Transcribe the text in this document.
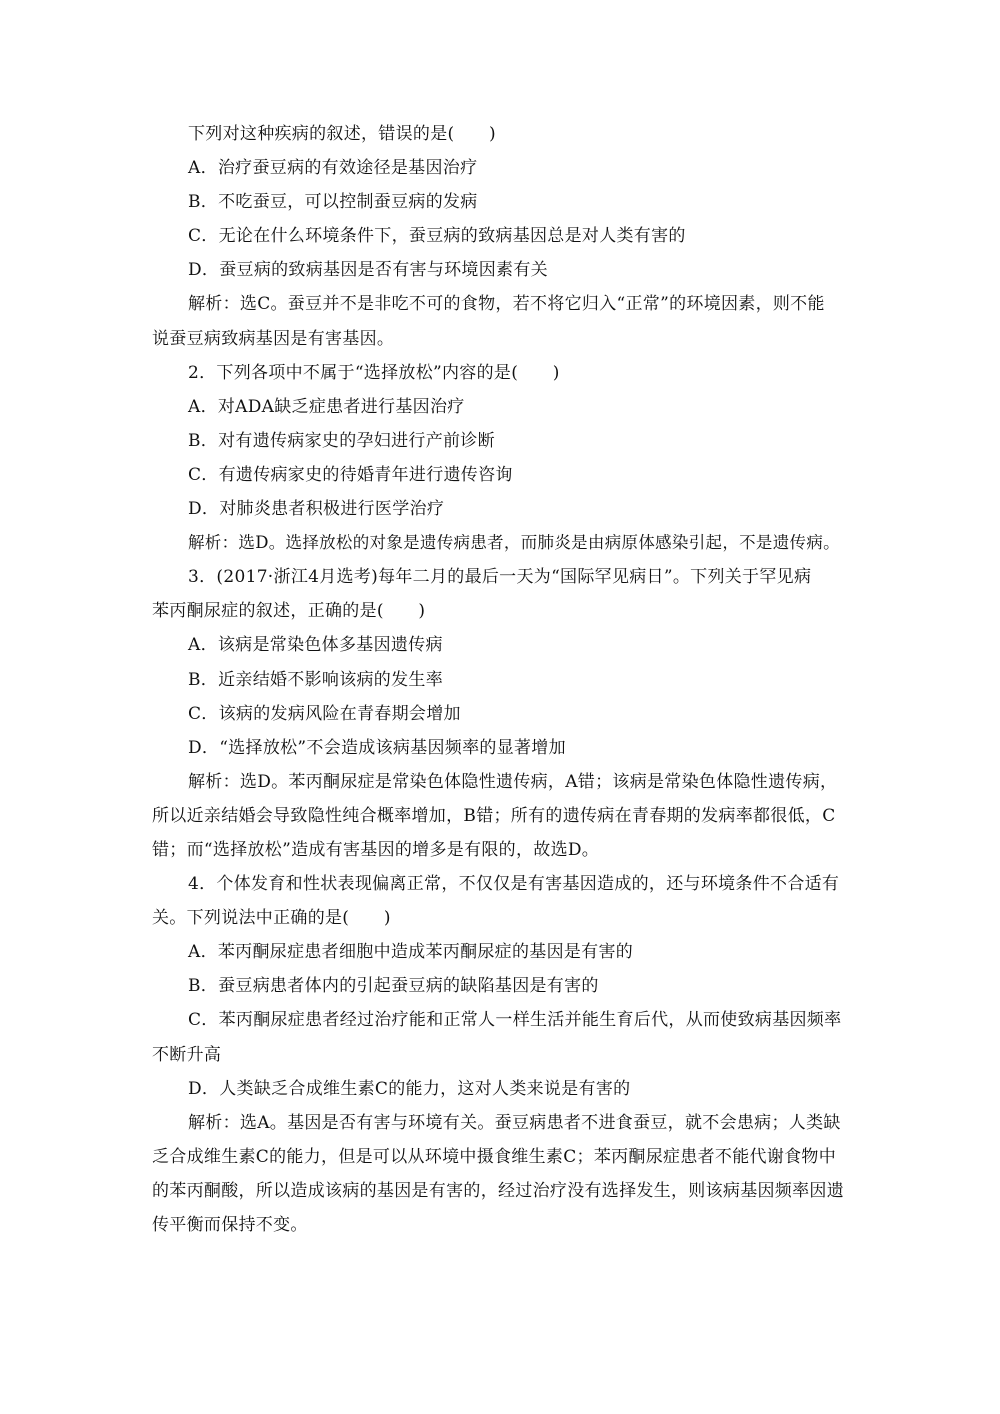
下列对这种疾病的叙述，错误的是(　　)
A．治疗蚕豆病的有效途径是基因治疗
B．不吃蚕豆，可以控制蚕豆病的发病
C．无论在什么环境条件下，蚕豆病的致病基因总是对人类有害的
D．蚕豆病的致病基因是否有害与环境因素有关
解析：选C。蚕豆并不是非吃不可的食物，若不将它归入“正常”的环境因素，则不能
说蚕豆病致病基因是有害基因。
2．下列各项中不属于“选择放松”内容的是(　　)
A．对ADA缺乏症患者进行基因治疗
B．对有遗传病家史的孕妇进行产前诊断
C．有遗传病家史的待婚青年进行遗传咨询
D．对肺炎患者积极进行医学治疗
解析：选D。选择放松的对象是遗传病患者，而肺炎是由病原体感染引起，不是遗传病。
3．(2017·浙江4月选考)每年二月的最后一天为“国际罕见病日”。下列关于罕见病
苯丙酮尿症的叙述，正确的是(　　)
A．该病是常染色体多基因遗传病
B．近亲结婚不影响该病的发生率
C．该病的发病风险在青春期会增加
D．“选择放松”不会造成该病基因频率的显著增加
解析：选D。苯丙酮尿症是常染色体隐性遗传病，A错；该病是常染色体隐性遗传病，
所以近亲结婚会导致隐性纯合概率增加，B错；所有的遗传病在青春期的发病率都很低，C
错；而“选择放松”造成有害基因的增多是有限的，故选D。
4．个体发育和性状表现偏离正常，不仅仅是有害基因造成的，还与环境条件不合适有
关。下列说法中正确的是(　　)
A．苯丙酮尿症患者细胞中造成苯丙酮尿症的基因是有害的
B．蚕豆病患者体内的引起蚕豆病的缺陷基因是有害的
C．苯丙酮尿症患者经过治疗能和正常人一样生活并能生育后代，从而使致病基因频率
不断升高
D．人类缺乏合成维生素C的能力，这对人类来说是有害的
解析：选A。基因是否有害与环境有关。蚕豆病患者不进食蚕豆，就不会患病；人类缺
乏合成维生素C的能力，但是可以从环境中摄食维生素C；苯丙酮尿症患者不能代谢食物中
的苯丙酮酸，所以造成该病的基因是有害的，经过治疗没有选择发生，则该病基因频率因遗
传平衡而保持不变。
